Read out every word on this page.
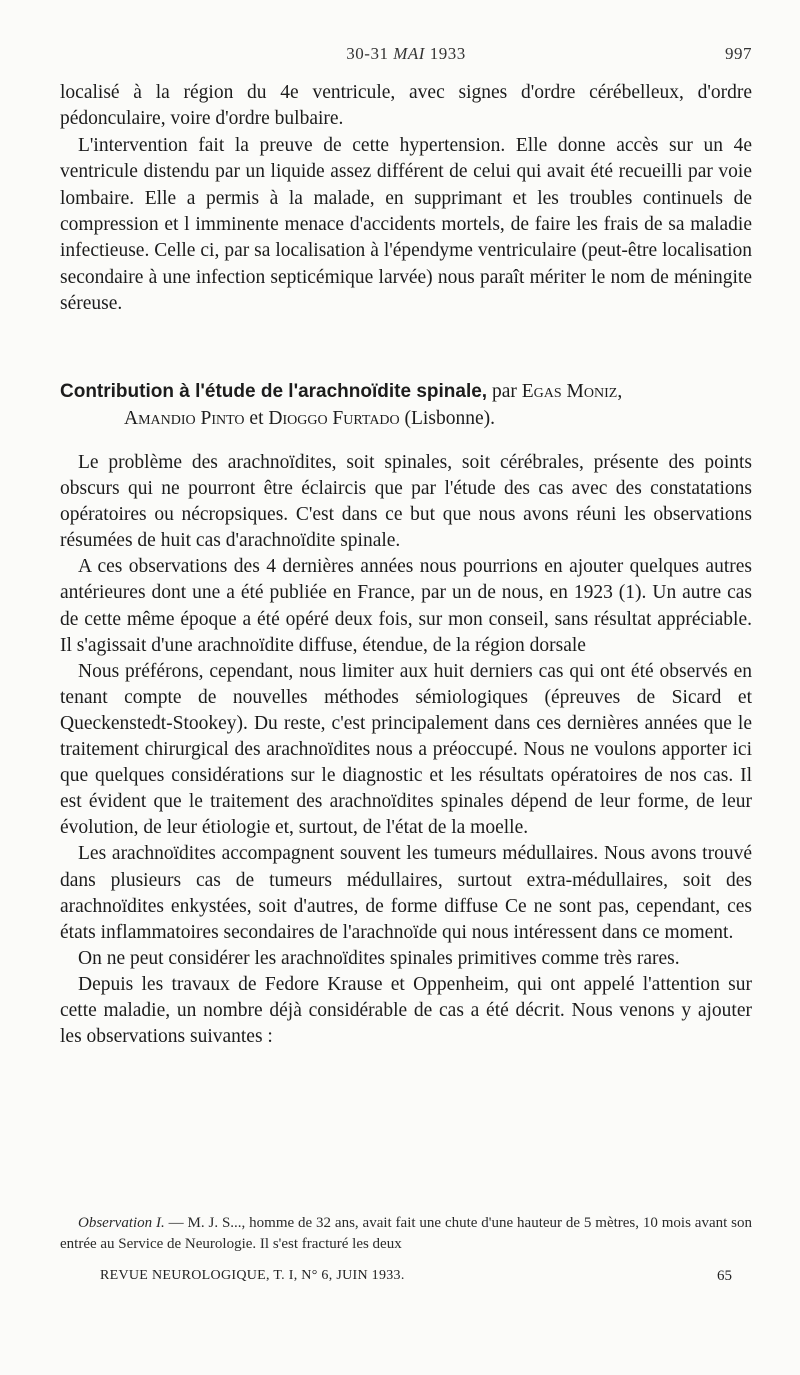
30-31 MAI 1933	997

localisé à la région du 4e ventricule, avec signes d'ordre cérébelleux, d'ordre pédonculaire, voire d'ordre bulbaire.

L'intervention fait la preuve de cette hypertension. Elle donne accès sur un 4e ventricule distendu par un liquide assez différent de celui qui avait été recueilli par voie lombaire. Elle a permis à la malade, en supprimant et les troubles continuels de compression et l imminente menace d'accidents mortels, de faire les frais de sa maladie infectieuse. Celle ci, par sa localisation à l'épendyme ventriculaire (peut-être localisation secondaire à une infection septicémique larvée) nous paraît mériter le nom de méningite séreuse.

Contribution à l'étude de l'arachnoïdite spinale, par Egas Moniz,
Amandio Pinto et Dioggo Furtado (Lisbonne).

Le problème des arachnoïdites, soit spinales, soit cérébrales, présente des points obscurs qui ne pourront être éclaircis que par l'étude des cas avec des constatations opératoires ou nécropsiques. C'est dans ce but que nous avons réuni les observations résumées de huit cas d'arachnoïdite spinale.

A ces observations des 4 dernières années nous pourrions en ajouter quelques autres antérieures dont une a été publiée en France, par un de nous, en 1923 (1). Un autre cas de cette même époque a été opéré deux fois, sur mon conseil, sans résultat appréciable. Il s'agissait d'une arachnoïdite diffuse, étendue, de la région dorsale

Nous préférons, cependant, nous limiter aux huit derniers cas qui ont été observés en tenant compte de nouvelles méthodes sémiologiques (épreuves de Sicard et Queckenstedt-Stookey). Du reste, c'est principalement dans ces dernières années que le traitement chirurgical des arachnoïdites nous a préoccupé. Nous ne voulons apporter ici que quelques considérations sur le diagnostic et les résultats opératoires de nos cas. Il est évident que le traitement des arachnoïdites spinales dépend de leur forme, de leur évolution, de leur étiologie et, surtout, de l'état de la moelle.

Les arachnoïdites accompagnent souvent les tumeurs médullaires. Nous avons trouvé dans plusieurs cas de tumeurs médullaires, surtout extra-médullaires, soit des arachnoïdites enkystées, soit d'autres, de forme diffuse Ce ne sont pas, cependant, ces états inflammatoires secondaires de l'arachnoïde qui nous intéressent dans ce moment.

On ne peut considérer les arachnoïdites spinales primitives comme très rares.

Depuis les travaux de Fedore Krause et Oppenheim, qui ont appelé l'attention sur cette maladie, un nombre déjà considérable de cas a été décrit. Nous venons y ajouter les observations suivantes :

Observation I. — M. J. S..., homme de 32 ans, avait fait une chute d'une hauteur de 5 mètres, 10 mois avant son entrée au Service de Neurologie. Il s'est fracturé les deux
REVUE NEUROLOGIQUE, T. I, N° 6, JUIN 1933.	65
